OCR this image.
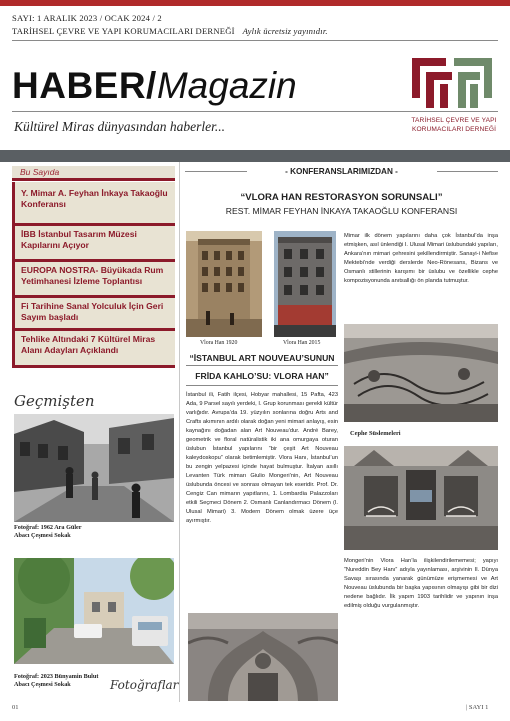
SAYI: 1 ARALIK 2023 / OCAK 2024 / 2
TARİHSEL ÇEVRE VE YAPI KORUMACILARI DERNEĞİ Aylık ücretsiz yayınıdır.
HABER/Magazin
Kültürel Miras dünyasından haberler...	TARİHSEL ÇEVRE VE YAPI KORUMACILARI DERNEĞİ
Bu Sayıda
Y. Mimar A. Feyhan İnkaya Takaoğlu Konferansı
İBB İstanbul Tasarım Müzesi Kapılarını Açıyor
EUROPA NOSTRA- Büyükada Rum Yetimhanesi İzleme Toplantısı
Fi Tarihine Sanal Yolculuk İçin Geri Sayım başladı
Tehlike Altındaki 7 Kültürel Miras Alanı Adayları Açıklandı
Geçmişten
Fotoğraf: 1962 Ara Güler
Abacı Çeşmesi Sokak
Fotoğraf: 2023 Bünyamin Bulut
Abacı Çeşmesi Sokak	Fotoğraflar
- KONFERANSLARIMIZDAN -
“VLORA HAN RESTORASYON SORUNSALI”
REST. MİMAR FEYHAN İNKAYA TAKAOĞLU KONFERANSI
Vlora Han 1920	Vlora Han 2015
“İSTANBUL ART NOUVEAU’SUNUN
FRİDA KAHLO’SU: VLORA HAN”
İstanbul ili, Fatih ilçesi, Hobyar mahallesi, 15 Pafta, 423 Ada, 9 Parsel sayılı yerdeki, I. Grup korunması gerekli kültür varlığıdır. Avrupa’da 19. yüzyılın sonlarına doğru Arts and Crafts akımının ardılı olarak doğan yeni mimari anlayış, esin kaynağını doğadan alan Art Nouveau’dur. André Barey, geometrik ve floral natüralistik iki ana omurgaya oturan üslubun İstanbul yapılarını “bir çeşit Art Nouveau kaleydoskopu” olarak betimlemiştir. Vlora Hanı, İstanbul’un bu zengin yelpazesi içinde hayat bulmuştur. İtalyan asıllı Levanten Türk mimarı Giulio Mongeri’nin, Art Nouveau üslubunda öncesi ve sonrası olmayan tek eseridir. Prof. Dr. Cengiz Can mimarın yapıtlarını, 1. Lombardia Palazzoları etkili Seçmeci Dönem 2. Osmanlı Canlandırmacı Dönem (I. Ulusal Mimari) 3. Modern Dönem olmak üzere üçe ayırmıştır.
Mimar ilk dönem yapılarını daha çok İstanbul’da inşa etmişken, asıl ünlendiği I. Ulusal Mimari üslubundaki yapıları, Ankara’nın mimari çehresini şekillendirmiştir. Sanayi-i Nefise Mektebi’nde verdiği derslerde Neo-Rönesans, Bizans ve Osmanlı stillerinin karışımı bir üslubu ve özellikle cephe kompozisyonunda anıtsallığı ön planda tutmuştur.
Cephe Süslemeleri
Mongeri’nin Vlora Han’la ilişkilendirilememesi; yapıyı “Nureddin Bey Hanı” adıyla yayınlaması, arşivinin II. Dünya Savaşı sırasında yanarak günümüze erişmemesi ve Art Nouveau üslubunda bir başka yapısının olmayışı gibi bir dizi nedene bağlıdır. İlk yapım 1903 tarihlidir ve yapının inşa edilmiş olduğu vurgulanmıştır.
01	| SAYI 1
